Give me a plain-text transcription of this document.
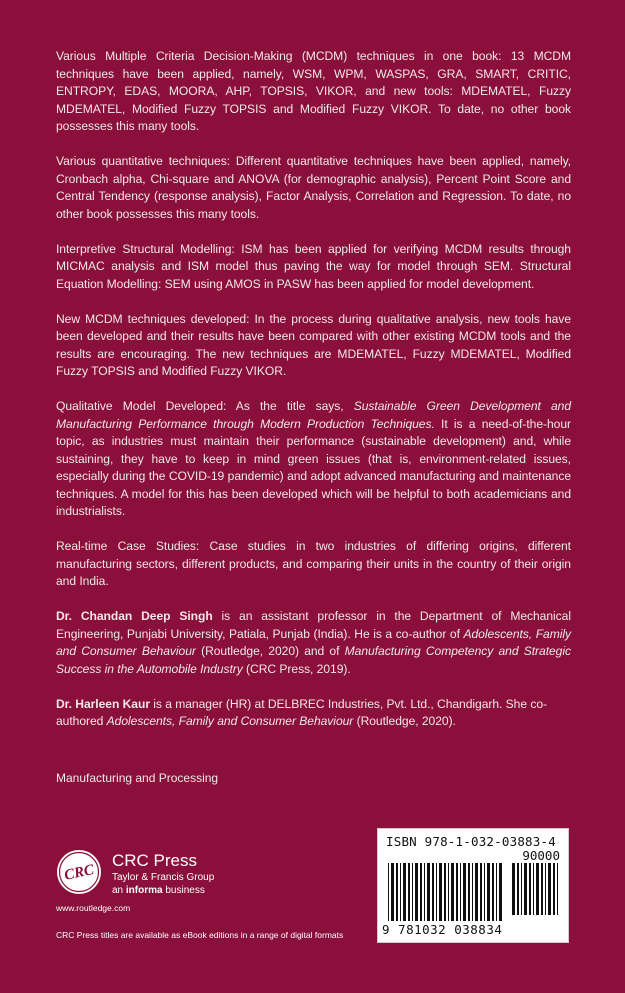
Various Multiple Criteria Decision-Making (MCDM) techniques in one book: 13 MCDM techniques have been applied, namely, WSM, WPM, WASPAS, GRA, SMART, CRITIC, ENTROPY, EDAS, MOORA, AHP, TOPSIS, VIKOR, and new tools: MDEMATEL, Fuzzy MDEMATEL, Modified Fuzzy TOPSIS and Modified Fuzzy VIKOR. To date, no other book possesses this many tools.

Various quantitative techniques: Different quantitative techniques have been applied, namely, Cronbach alpha, Chi-square and ANOVA (for demographic analysis), Percent Point Score and Central Tendency (response analysis), Factor Analysis, Correlation and Regression. To date, no other book possesses this many tools.

Interpretive Structural Modelling: ISM has been applied for verifying MCDM results through MICMAC analysis and ISM model thus paving the way for model through SEM. Structural Equation Modelling: SEM using AMOS in PASW has been applied for model development.

New MCDM techniques developed: In the process during qualitative analysis, new tools have been developed and their results have been compared with other existing MCDM tools and the results are encouraging. The new techniques are MDEMATEL, Fuzzy MDEMATEL, Modified Fuzzy TOPSIS and Modified Fuzzy VIKOR.

Qualitative Model Developed: As the title says, Sustainable Green Development and Manufacturing Performance through Modern Production Techniques. It is a need-of-the-hour topic, as industries must maintain their performance (sustainable development) and, while sustaining, they have to keep in mind green issues (that is, environment-related issues, especially during the COVID-19 pandemic) and adopt advanced manufacturing and maintenance techniques. A model for this has been developed which will be helpful to both academicians and industrialists.

Real-time Case Studies: Case studies in two industries of differing origins, different manufacturing sectors, different products, and comparing their units in the country of their origin and India.

Dr. Chandan Deep Singh is an assistant professor in the Department of Mechanical Engineering, Punjabi University, Patiala, Punjab (India). He is a co-author of Adolescents, Family and Consumer Behaviour (Routledge, 2020) and of Manufacturing Competency and Strategic Success in the Automobile Industry (CRC Press, 2019).

Dr. Harleen Kaur is a manager (HR) at DELBREC Industries, Pvt. Ltd., Chandigarh. She co-authored Adolescents, Family and Consumer Behaviour (Routledge, 2020).

Manufacturing and Processing
CRC
CRC Press
Taylor & Francis Group
an informa business
www.routledge.com
CRC Press titles are available as eBook editions in a range of digital formats
ISBN 978-1-032-03883-4
90000
9 781032 038834
